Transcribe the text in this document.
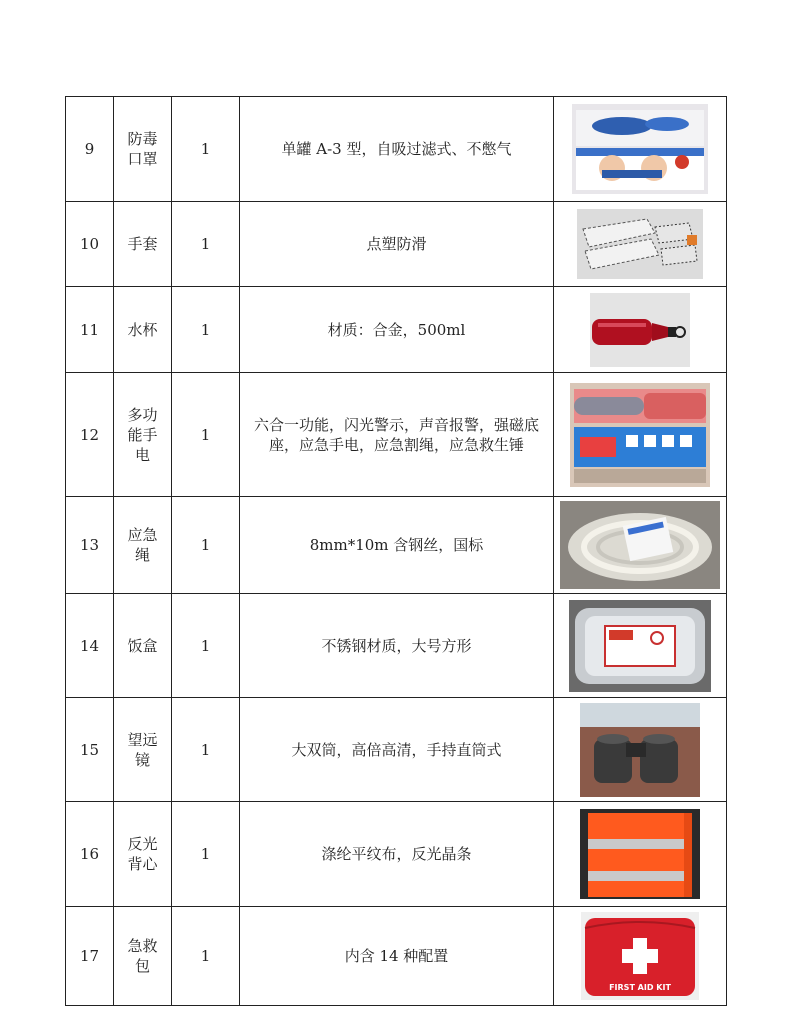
9	防毒口罩	1	单罐 A-3 型，自吸过滤式、不憋气	

10	手套	1	点塑防滑	

11	水杯	1	材质：合金，500ml	

12	多功能手电	1	六合一功能，闪光警示，声音报警，强磁底座，应急手电，应急割绳，应急救生锤	

13	应急绳	1	8mm*10m 含钢丝，国标	

14	饭盒	1	不锈钢材质，大号方形	

15	望远镜	1	大双筒，高倍高清，手持直筒式	

16	反光背心	1	涤纶平纹布，反光晶条	

17	急救包	1	内含 14 种配置	FIRST AID KIT
